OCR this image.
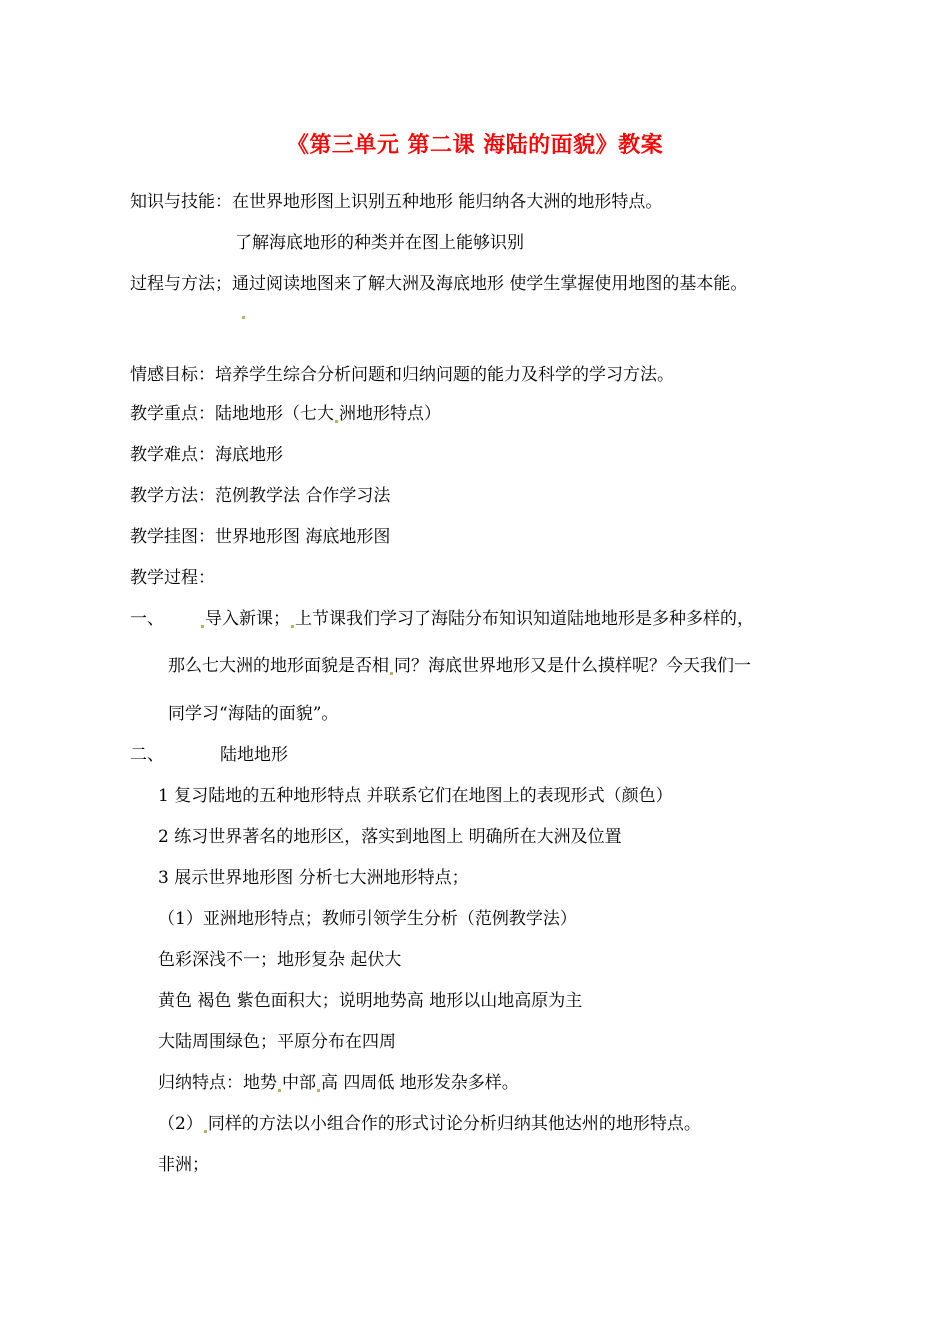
《第三单元 第二课 海陆的面貌》教案
知识与技能：在世界地形图上识别五种地形 能归纳各大洲的地形特点。
了解海底地形的种类并在图上能够识别
过程与方法；通过阅读地图来了解大洲及海底地形 使学生掌握使用地图的基本能。
情感目标：培养学生综合分析问题和归纳问题的能力及科学的学习方法。
教学重点：陆地地形（七大 洲地形特点）
教学难点：海底地形
教学方法：范例教学法 合作学习法
教学挂图：世界地形图 海底地形图
教学过程：
一、 导入新课； 上节课我们学习了海陆分布知识知道陆地地形是多种多样的，
那么七大洲的地形面貌是否相 同？海底世界地形又是什么摸样呢？今天我们一
同学习“海陆的面貌”。
二、	陆地地形
1 复习陆地的五种地形特点 并联系它们在地图上的表现形式（颜色）
2 练习世界著名的地形区，落实到地图上 明确所在大洲及位置
3 展示世界地形图 分析七大洲地形特点；
（1）亚洲地形特点；教师引领学生分析（范例教学法）
色彩深浅不一；地形复杂 起伏大
黄色 褐色 紫色面积大；说明地势高 地形以山地高原为主
大陆周围绿色；平原分布在四周
归纳特点：地势 中部 高 四周低 地形发杂多样。
（2） 同样的方法以小组合作的形式讨论分析归纳其他达州的地形特点。
非洲；
